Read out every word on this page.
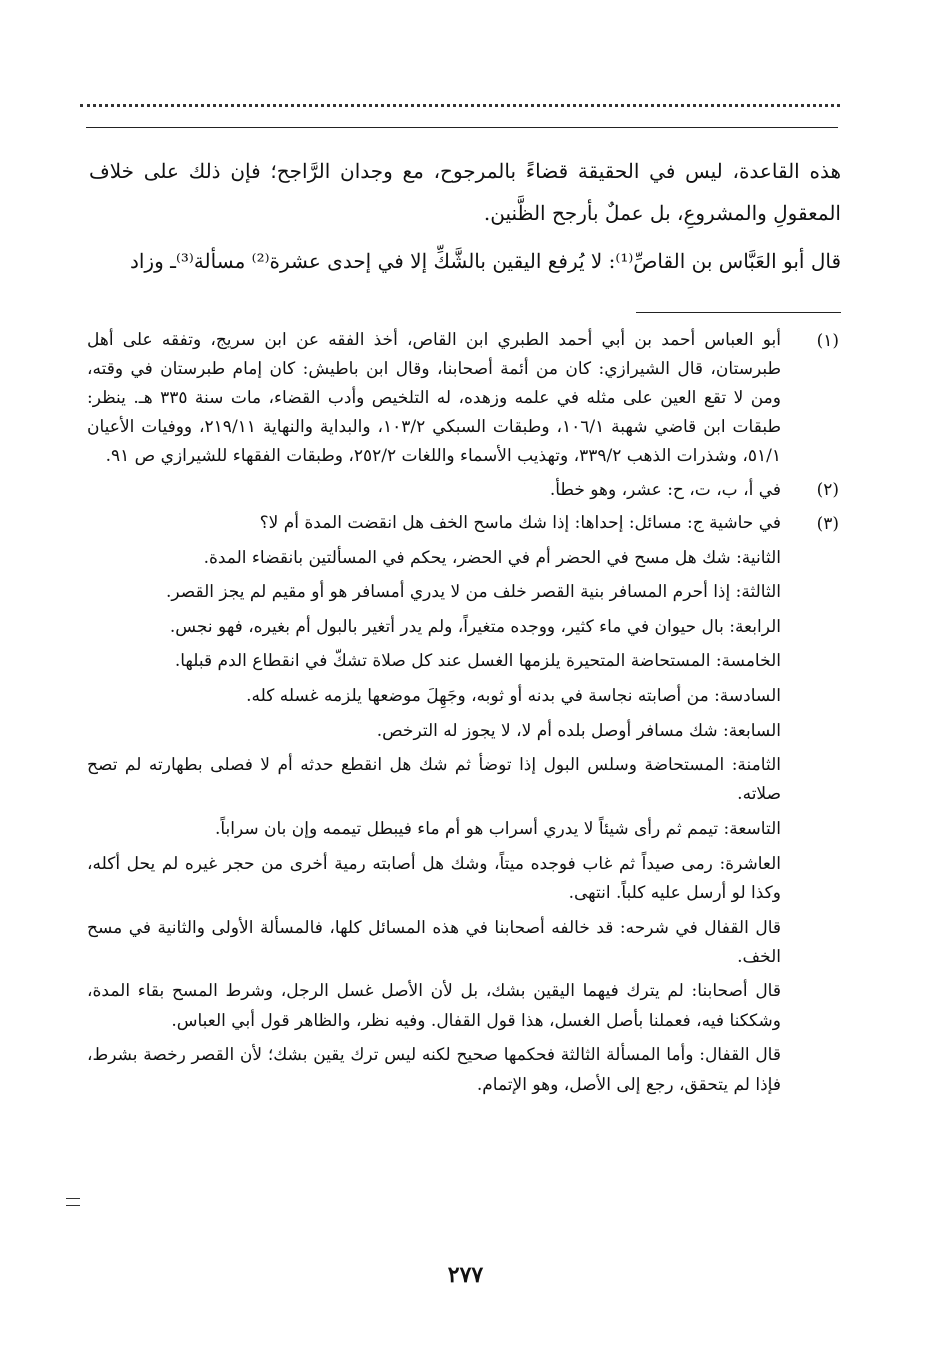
هذه القاعدة، ليس في الحقيقة قضاءً بالمرجوح، مع وجدان الرَّاجح؛ فإن ذلك على خلاف المعقولِ والمشروعِ، بل عملٌ بأرجح الظَّنين.

قال أبو العَبَّاس بن القاصِّ⁽¹⁾: لا يُرفع اليقين بالشَّكِّ إلا في إحدى عشرة⁽²⁾ مسألة⁽³⁾ـ وزاد

(١)

أبو العباس أحمد بن أبي أحمد الطبري ابن القاص، أخذ الفقه عن ابن سريج، وتفقه على أهل طبرستان، قال الشيرازي: كان من أئمة أصحابنا، وقال ابن باطيش: كان إمام طبرستان في وقته، ومن لا تقع العين على مثله في علمه وزهده، له التلخيص وأدب القضاء، مات سنة ٣٣٥ هـ. ينظر: طبقات ابن قاضي شهبة ١٠٦/١، وطبقات السبكي ١٠٣/٢، والبداية والنهاية ٢١٩/١١، ووفيات الأعيان ٥١/١، وشذرات الذهب ٣٣٩/٢، وتهذيب الأسماء واللغات ٢٥٢/٢، وطبقات الفقهاء للشيرازي ص ٩١.

(٢)

في أ، ب، ت، ح: عشر، وهو خطأ.

(٣)

في حاشية ج: مسائل: إحداها: إذا شك ماسح الخف هل انقضت المدة أم لا؟

الثانية: شك هل مسح في الحضر أم في الحضر، يحكم في المسألتين بانقضاء المدة.

الثالثة: إذا أحرم المسافر بنية القصر خلف من لا يدري أمسافر هو أو مقيم لم يجز القصر.

الرابعة: بال حيوان في ماء كثير، ووجده متغيراً، ولم يدر أتغير بالبول أم بغيره، فهو نجس.

الخامسة: المستحاضة المتحيرة يلزمها الغسل عند كل صلاة تشكّ في انقطاع الدم قبلها.

السادسة: من أصابته نجاسة في بدنه أو ثوبه، وجَهِلَ موضعها يلزمه غسله كله.

السابعة: شك مسافر أوصل بلده أم لا، لا يجوز له الترخص.

الثامنة: المستحاضة وسلس البول إذا توضأ ثم شك هل انقطع حدثه أم لا فصلى بطهارته لم تصح صلاته.

التاسعة: تيمم ثم رأى شيئاً لا يدري أسراب هو أم ماء فيبطل تيممه وإن بان سراباً.

العاشرة: رمى صيداً ثم غاب فوجده ميتاً، وشك هل أصابته رمية أخرى من حجر غيره لم يحل أكله، وكذا لو أرسل عليه كلباً. انتهى.

قال القفال في شرحه: قد خالفه أصحابنا في هذه المسائل كلها، فالمسألة الأولى والثانية في مسح الخف.

قال أصحابنا: لم يترك فيهما اليقين بشك، بل لأن الأصل غسل الرجل، وشرط المسح بقاء المدة، وشككنا فيه، فعملنا بأصل الغسل، هذا قول القفال. وفيه نظر، والظاهر قول أبي العباس.

قال القفال: وأما المسألة الثالثة فحكمها صحيح لكنه ليس ترك يقين بشك؛ لأن القصر رخصة بشرط، فإذا لم يتحقق، رجع إلى الأصل، وهو الإتمام.

٢٧٧
